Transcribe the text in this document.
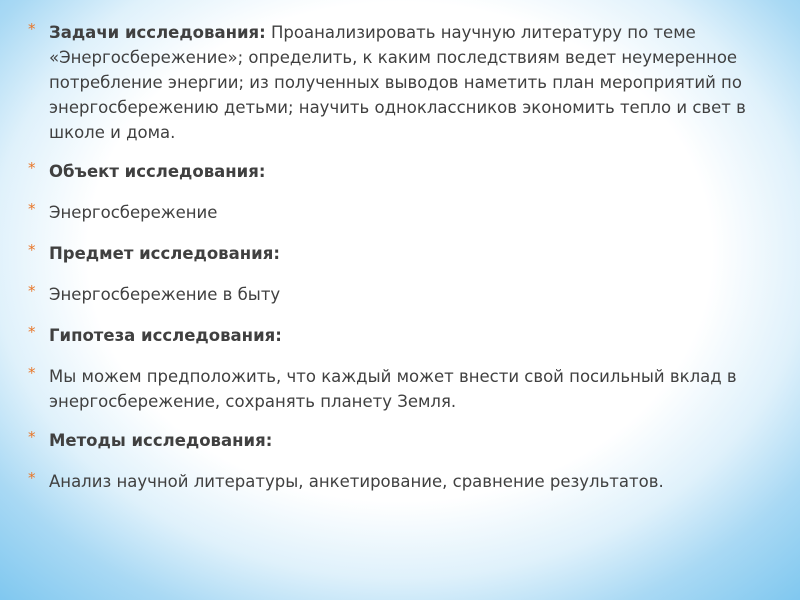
* Задачи исследования: Проанализировать научную литературу по теме «Энергосбережение»; определить, к каким последствиям ведет неумеренное потребление энергии; из полученных выводов наметить план мероприятий по энергосбережению детьми; научить одноклассников экономить тепло и свет в школе и дома.
* Объект исследования:
* Энергосбережение
* Предмет исследования:
* Энергосбережение в быту
* Гипотеза исследования:
* Мы можем предположить, что каждый может внести свой посильный вклад в энергосбережение, сохранять планету Земля.
* Методы исследования:
* Анализ научной литературы, анкетирование, сравнение результатов.
